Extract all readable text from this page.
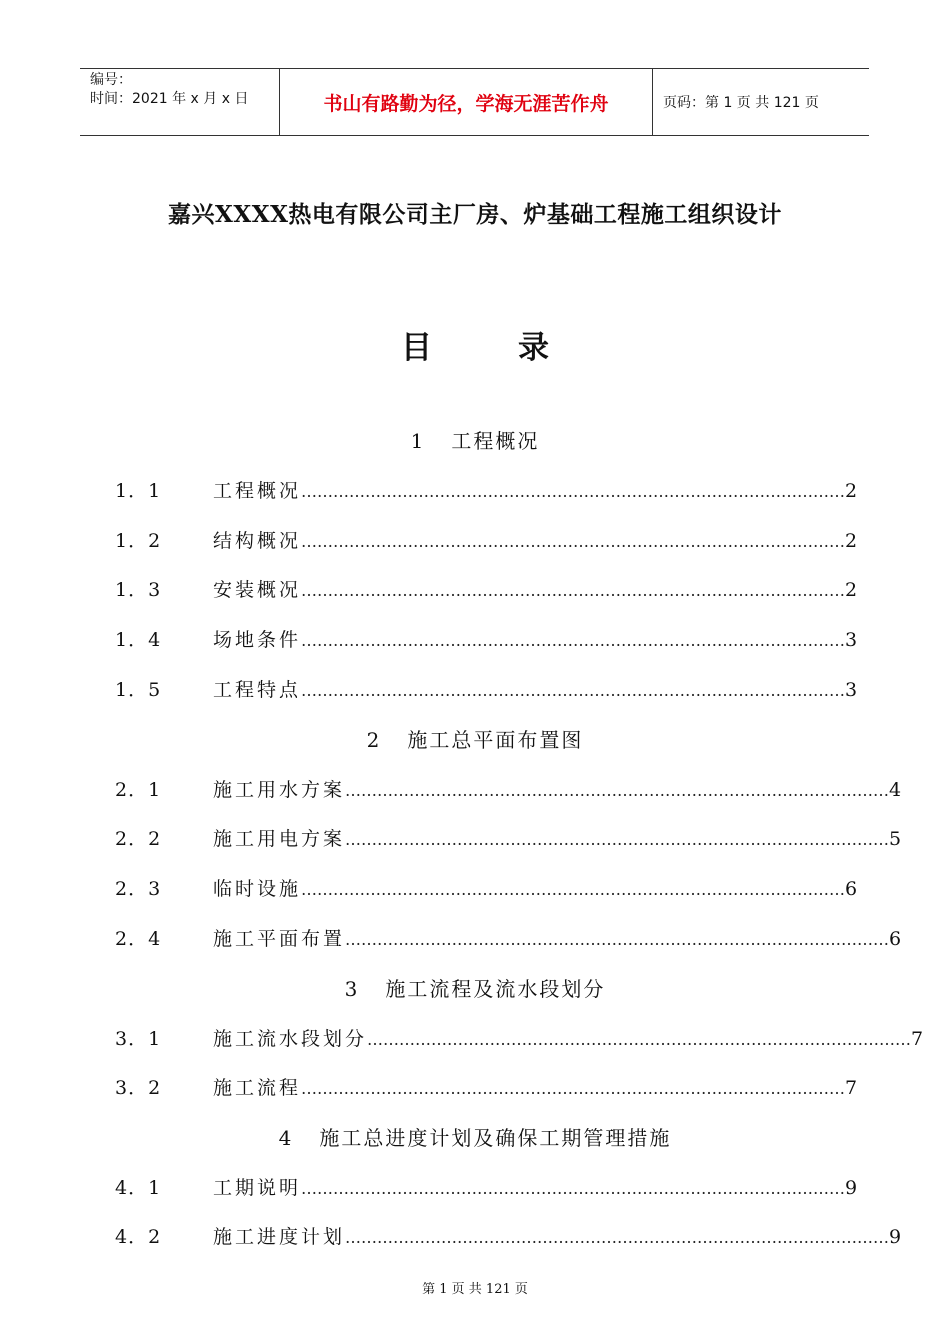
编号：
时间：2021 年 x 月 x 日	书山有路勤为径，学海无涯苦作舟	页码：第 1 页 共 121 页
嘉兴XXXX热电有限公司主厂房、炉基础工程施工组织设计
目	录
1 工程概况
1．1	工程概况 ………………………………………………………………………………………… 2
1．2	结构概况 ………………………………………………………………………………………… 2
1．3	安装概况 ………………………………………………………………………………………… 2
1．4	场地条件 ………………………………………………………………………………………… 3
1．5	工程特点 ………………………………………………………………………………………… 3
2 施工总平面布置图
2．1	施工用水方案 ………………………………………………………………………………………… 4
2．2	施工用电方案 ………………………………………………………………………………………… 5
2．3	临时设施 ………………………………………………………………………………………… 6
2．4	施工平面布置 ………………………………………………………………………………………… 6
3 施工流程及流水段划分
3．1	施工流水段划分 ………………………………………………………………………………………… 7
3．2	施工流程 ………………………………………………………………………………………… 7
4 施工总进度计划及确保工期管理措施
4．1	工期说明 ………………………………………………………………………………………… 9
4．2	施工进度计划 ………………………………………………………………………………………… 9
第 1 页 共 121 页
